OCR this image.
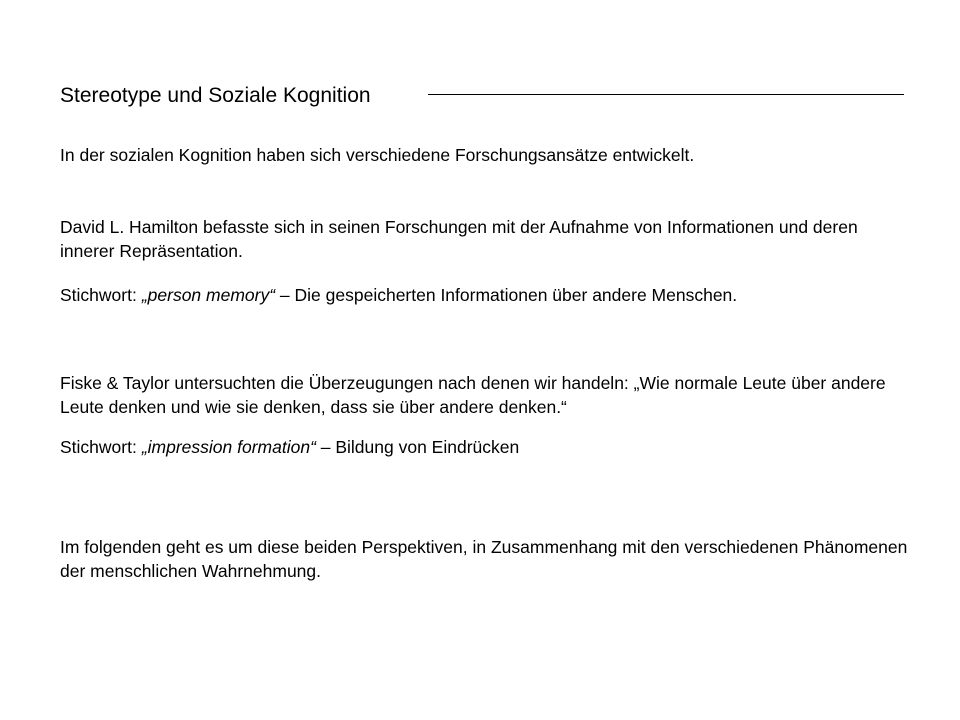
Stereotype und Soziale Kognition

In der sozialen Kognition haben sich verschiedene Forschungsansätze entwickelt.

David L. Hamilton befasste sich in seinen Forschungen mit der Aufnahme von Informationen und deren innerer Repräsentation.

Stichwort: „person memory“ – Die gespeicherten Informationen über andere Menschen.

Fiske & Taylor untersuchten die Überzeugungen nach denen wir handeln: „Wie normale Leute über andere Leute denken und wie sie denken, dass sie über andere denken.“

Stichwort: „impression formation“ – Bildung von Eindrücken

Im folgenden geht es um diese beiden Perspektiven, in Zusammenhang mit den verschiedenen Phänomenen der menschlichen Wahrnehmung.
